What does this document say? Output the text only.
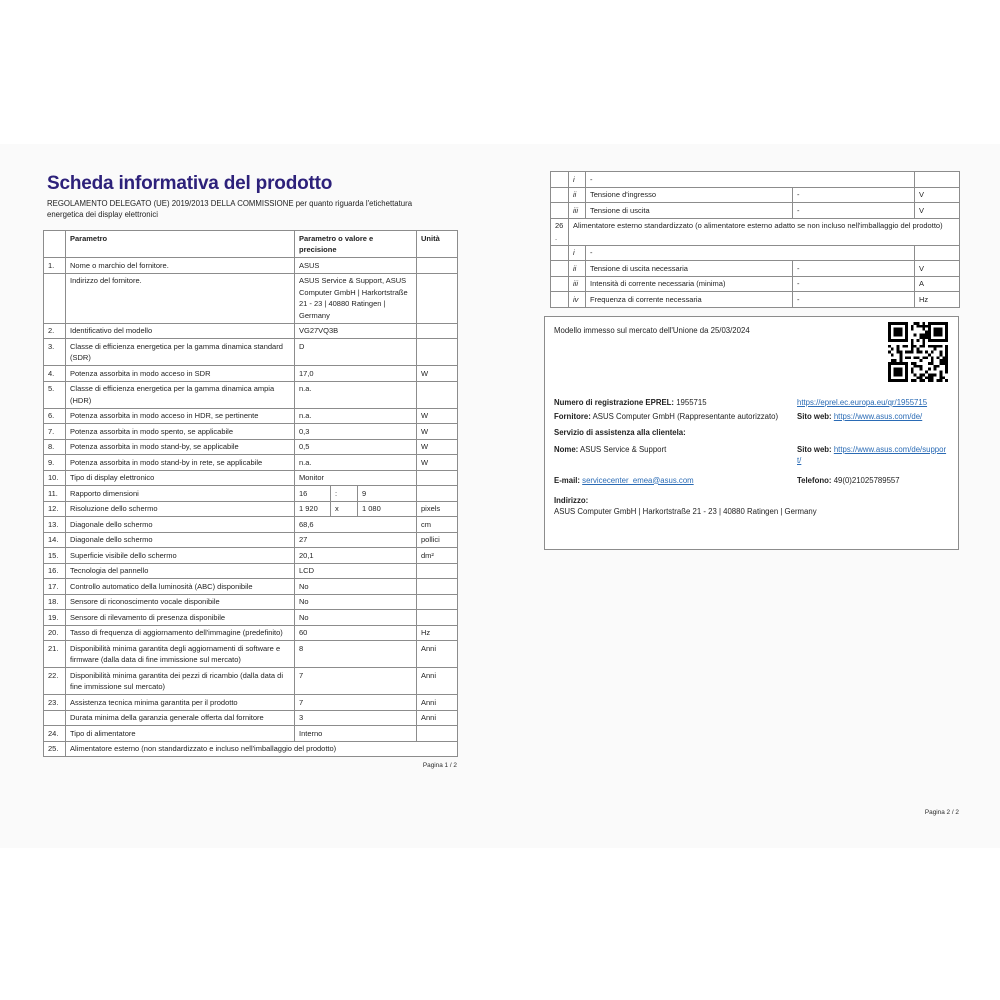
Scheda informativa del prodotto

REGOLAMENTO DELEGATO (UE) 2019/2013 DELLA COMMISSIONE per quanto riguarda l'etichettatura energetica dei display elettronici

	Parametro	Parametro o valore e precisione			Unità
1.	Nome o marchio del fornitore.	ASUS			
	Indirizzo del fornitore.	ASUS Service & Support, ASUS Computer GmbH | Harkortstraße 21 - 23 | 40880 Ratingen | Germany			
2.	Identificativo del modello	VG27VQ3B			
3.	Classe di efficienza energetica per la gamma dinamica standard (SDR)	D			
4.	Potenza assorbita in modo acceso in SDR	17,0			W
5.	Classe di efficienza energetica per la gamma dinamica ampia (HDR)	n.a.			
6.	Potenza assorbita in modo acceso in HDR, se pertinente	n.a.			W
7.	Potenza assorbita in modo spento, se applicabile	0,3			W
8.	Potenza assorbita in modo stand-by, se applicabile	0,5			W
9.	Potenza assorbita in modo stand-by in rete, se applicabile	n.a.			W
10.	Tipo di display elettronico	Monitor			
11.	Rapporto dimensioni	16	:	9	
12.	Risoluzione dello schermo	1 920	x	1 080	pixels
13.	Diagonale dello schermo	68,6			cm
14.	Diagonale dello schermo	27			pollici
15.	Superficie visibile dello schermo	20,1			dm²
16.	Tecnologia del pannello	LCD			
17.	Controllo automatico della luminosità (ABC) disponibile	No			
18.	Sensore di riconoscimento vocale disponibile	No			
19.	Sensore di rilevamento di presenza disponibile	No			
20.	Tasso di frequenza di aggiornamento dell'immagine (predefinito)	60			Hz
21.	Disponibilità minima garantita degli aggiornamenti di software e firmware (dalla data di fine immissione sul mercato)	8			Anni
22.	Disponibilità minima garantita dei pezzi di ricambio (dalla data di fine immissione sul mercato)	7			Anni
23.	Assistenza tecnica minima garantita per il prodotto	7			Anni
	Durata minima della garanzia generale offerta dal fornitore	3			Anni
24.	Tipo di alimentatore	Interno			
25.	Alimentatore esterno (non standardizzato e incluso nell'imballaggio del prodotto)				
Pagina 1 / 2
	i	-		
	ii	Tensione d'ingresso	-	V
	iii	Tensione di uscita	-	V
26.	Alimentatore esterno standardizzato (o alimentatore esterno adatto se non incluso nell'imballaggio del prodotto)			
	i	-		
	ii	Tensione di uscita necessaria	-	V
	iii	Intensità di corrente necessaria (minima)	-	A
	iv	Frequenza di corrente necessaria	-	Hz
Modello immesso sul mercato dell'Unione da 25/03/2024
Numero di registrazione EPREL: 1955715	https://eprel.ec.europa.eu/qr/1955715
Fornitore: ASUS Computer GmbH (Rappresentante autorizzato)	Sito web: https://www.asus.com/de/
Servizio di assistenza alla clientela:
Nome: ASUS Service & Support	Sito web: https://www.asus.com/de/support/
E-mail: servicecenter_emea@asus.com	Telefono: 49(0)21025789557
Indirizzo:
ASUS Computer GmbH | Harkortstraße 21 - 23 | 40880 Ratingen | Germany
Pagina 2 / 2
